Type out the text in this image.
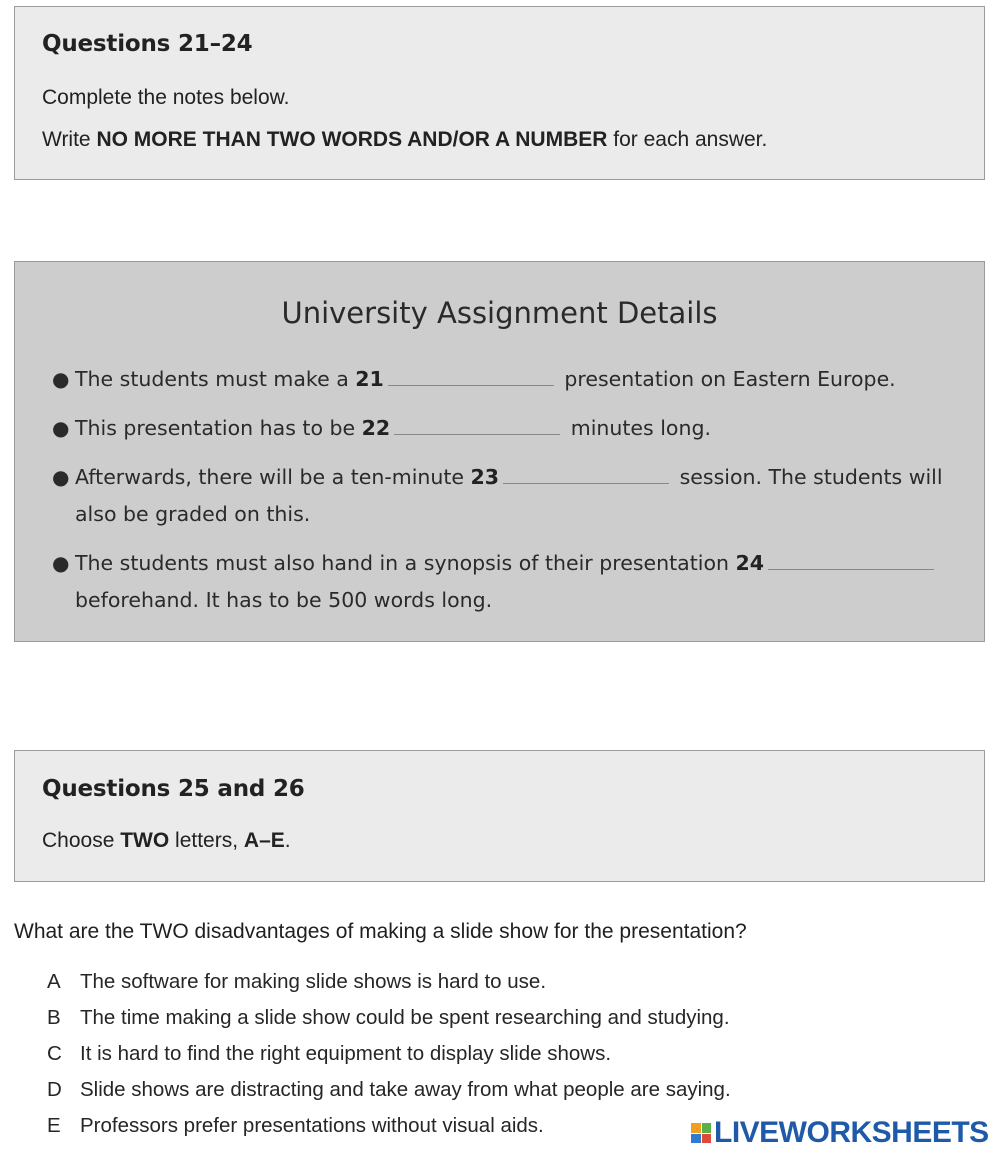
Questions 21–24
Complete the notes below.
Write NO MORE THAN TWO WORDS AND/OR A NUMBER for each answer.
University Assignment Details
● The students must make a 21	presentation on Eastern Europe.
● This presentation has to be 22	minutes long.
● Afterwards, there will be a ten-minute 23	session. The students will also be graded on this.
● The students must also hand in a synopsis of their presentation 24 beforehand. It has to be 500 words long.
Questions 25 and 26
Choose TWO letters, A–E.
What are the TWO disadvantages of making a slide show for the presentation?
A The software for making slide shows is hard to use.
B The time making a slide show could be spent researching and studying.
C It is hard to find the right equipment to display slide shows.
D Slide shows are distracting and take away from what people are saying.
E Professors prefer presentations without visual aids.	LIVEWORKSHEETS
